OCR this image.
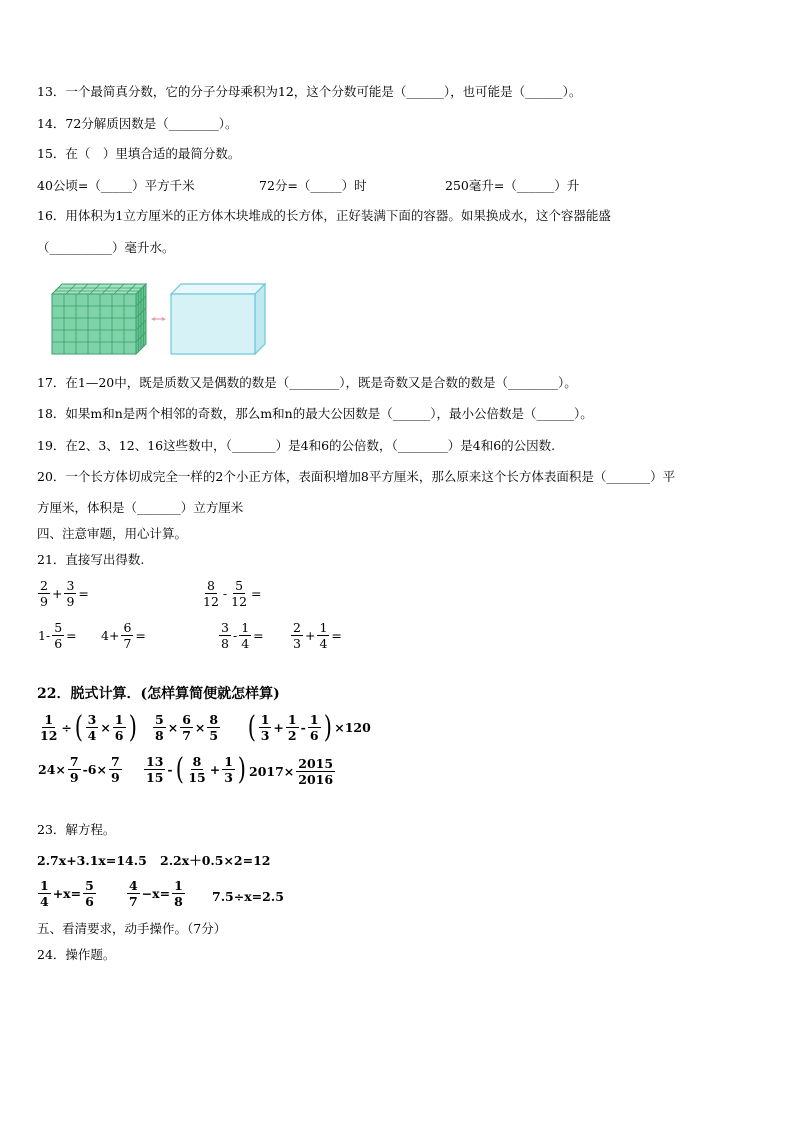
13．一个最简真分数，它的分子分母乘积为12，这个分数可能是（______），也可能是（______）。
14．72分解质因数是（________）。
15．在（　）里填合适的最简分数。
40公顷=（_____）平方千米	72分=（_____）时	250毫升=（______）升
16．用体积为1立方厘米的正方体木块堆成的长方体，正好装满下面的容器。如果换成水，这个容器能盛
（__________）毫升水。
17．在1—20中，既是质数又是偶数的数是（________），既是奇数又是合数的数是（________）。
18．如果m和n是两个相邻的奇数，那么m和n的最大公因数是（______），最小公倍数是（______）。
19．在2、3、12、16这些数中，（_______）是4和6的公倍数，（________）是4和6的公因数.
20．一个长方体切成完全一样的2个小正方体，表面积增加8平方厘米，那么原来这个长方体表面积是（_______）平
方厘米，体积是（_______）立方厘米
四、注意审题，用心计算。
21．直接写出得数.
$\frac{2}{9} + \frac{3}{9}$ =	$\frac{8}{12} - \frac{5}{12}$ =
$1- \frac{5}{6} = 4+ \frac{6}{7}$ =	$\frac{3}{8} - \frac{1}{4} = \frac{2}{3} + \frac{1}{4}$ =
22．脱式计算．(怎样算简便就怎样算)
$\frac{1}{12}$ ÷( $\frac{3}{4} \times \frac{1}{6}$ ) $\frac{5}{8} \times \frac{6}{7} \times \frac{8}{5}$ ( $\frac{1}{3} + \frac{1}{2} - \frac{1}{6}$ ) ×120
$24\times \frac{7}{9} -6\times \frac{7}{9} \frac{13}{15}$ -( $\frac{8}{15} + \frac{1}{3}$ ) $2017\times \frac{2015}{2016}$
23．解方程。
2.7x+3.1x=14.5 2.2x＋0.5×2=12
$\frac{1}{4} +x= \frac{5}{6} \frac{4}{7} -x= \frac{1}{8} 7.5\div x=2.5$
五、看清要求，动手操作。（7分）
24．操作题。
